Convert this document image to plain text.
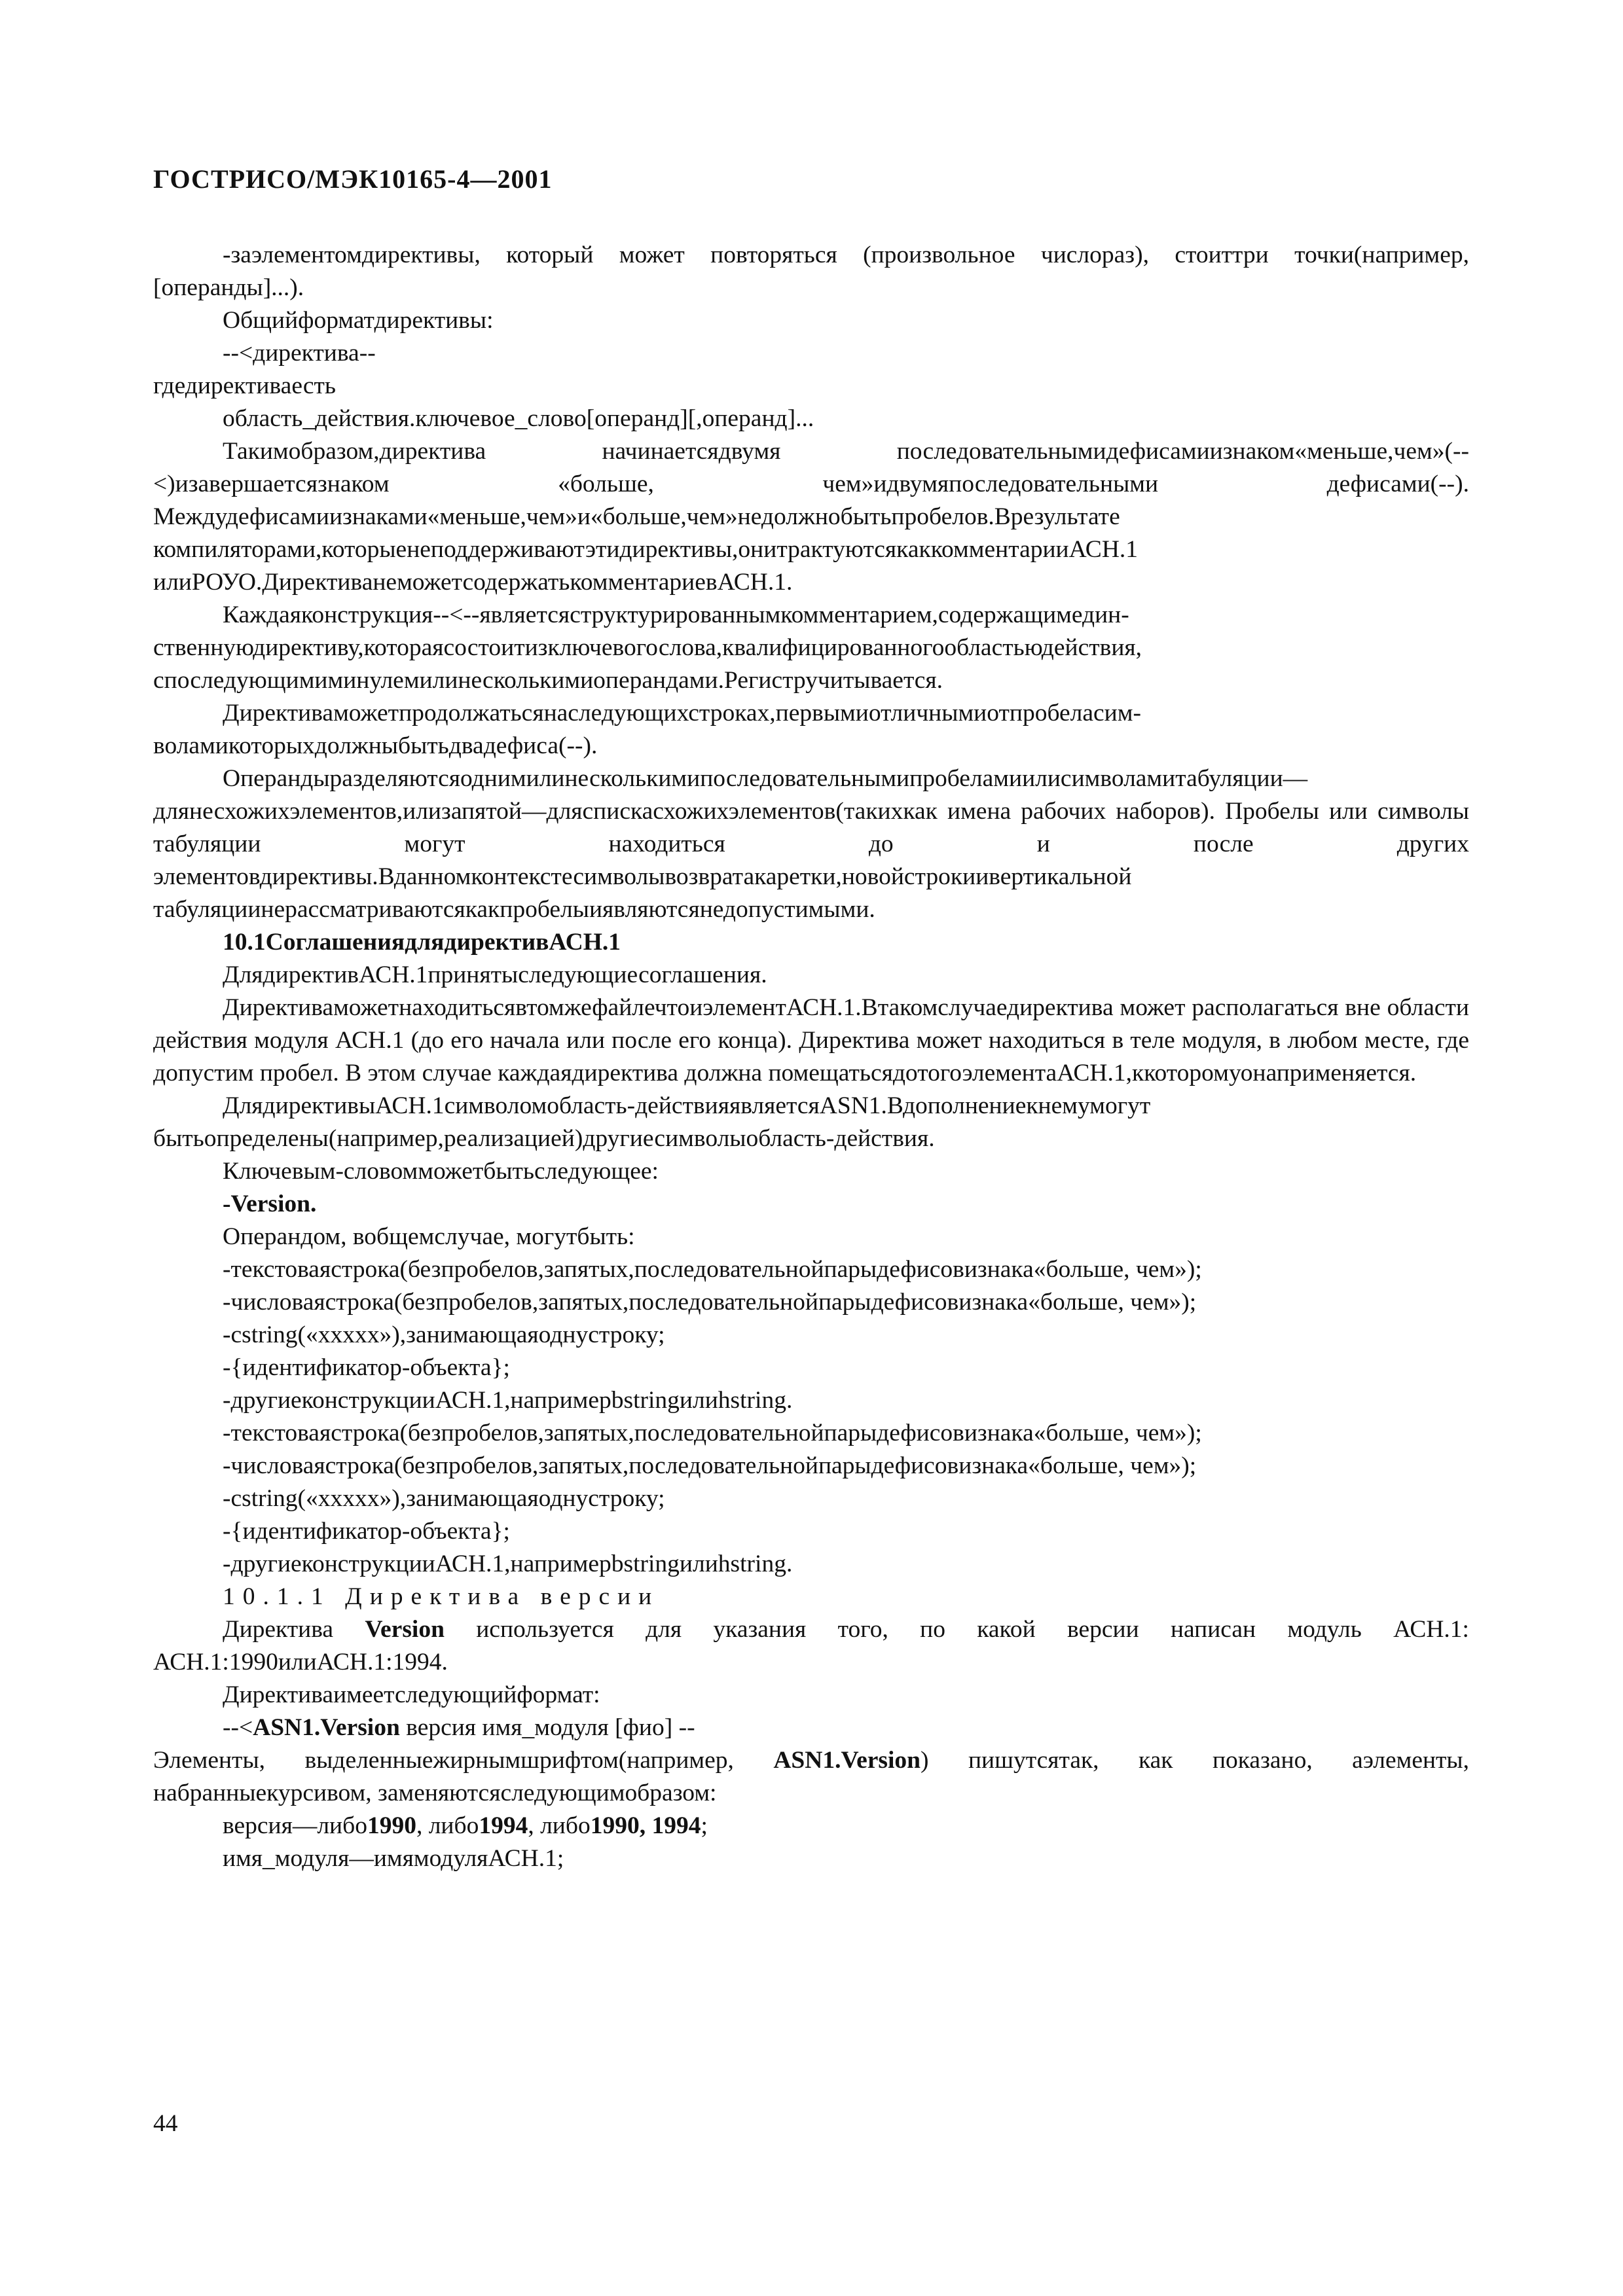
ГОСТРИСО/МЭК10165-4—2001

-заэлементомдирективы, который может повторяться (произвольное числораз), стоиттри точки(например,[операнды]...).

Общийформатдирективы:

--<директива--

гдедирективаесть

область_действия.ключевое_слово[операнд][,операнд]...

Такимобразом,директива начинаетсядвумя последовательнымидефисамиизнаком«меньше,чем»(--<)изавершаетсязнаком «больше, чем»идвумяпоследовательными дефисами(--). Междудефисамиизнаками«меньше,чем»и«больше,чем»недолжнобытьпробелов.Врезультате компиляторами,которыенеподдерживаютэтидирективы,онитрактуютсякаккомментарииАСН.1 илиРОУО.ДирективанеможетсодержатькомментариевАСН.1.

Каждаяконструкция--<--являетсяструктурированнымкомментарием,содержащимединственнуюдирективу,котораясостоитизключевогослова,квалифицированногообластьюдействия, споследующимиминулемилинесколькимиоперандами.Регистручитывается.

Директиваможетпродолжатьсянаследующихстроках,первымиотличнымиотпробеласимволамикоторыхдолжныбытьдвадефиса(--).

Операндыразделяютсяоднимилинесколькимипоследовательнымипробеламиилисимволамитабуляции—длянесхожихэлементов,илизапятой—дляспискасхожихэлементов(такихкак имена рабочих наборов). Пробелы или символы табуляции могут находиться до и после других элементовдирективы.Вданномконтекстесимволывозвратакаретки,новойстрокиивертикальной табуляциинерассматриваютсякакпробелыиявляютсянедопустимыми.

10.1СоглашениядлядирективАСН.1

ДлядирективАСН.1принятыследующиесоглашения.

ДирективаможетнаходитьсявтомжефайлечтоиэлементАСН.1.Втакомслучаедиректива может располагаться вне области действия модуля АСН.1 (до его начала или после его конца). Директива может находиться в теле модуля, в любом месте, где допустим пробел. В этом случае каждаядиректива должна помещатьсядотогоэлементаАСН.1,ккоторомуонаприменяется.

ДлядирективыАСН.1символомобласть-действияявляетсяASN1.Вдополнениекнемумогут бытьопределены(например,реализацией)другиесимволыобласть-действия.

Ключевым-словомможетбытьследующее:

-Version.

Операндом, вобщемслучае, могутбыть:

-текстоваястрока(безпробелов,запятых,последовательнойпарыдефисовизнака«больше, чем»);

-числоваястрока(безпробелов,запятых,последовательнойпарыдефисовизнака«больше, чем»);

-cstring(«xxxxx»),занимающаяоднустроку;

-{идентификатор-объекта};

-другиеконструкцииАСН.1,напримерbstringилиhstring.

-текстоваястрока(безпробелов,запятых,последовательнойпарыдефисовизнака«больше, чем»);

-числоваястрока(безпробелов,запятых,последовательнойпарыдефисовизнака«больше, чем»);

-cstring(«xxxxx»),занимающаяоднустроку;

-{идентификатор-объекта};

-другиеконструкцииАСН.1,напримерbstringилиhstring.

10.1.1 Директива версии

Директива Version используется для указания того, по какой версии написан модуль АСН.1: АСН.1:1990илиАСН.1:1994.

Директиваимеетследующийформат:

--<ASN1.Version версия имя_модуля [фио] --

Элементы, выделенныежирнымшрифтом(например, ASN1.Version) пишутсятак, как показано, аэлементы, набранныекурсивом, заменяютсяследующимобразом:

версия—либо1990, либо1994, либо1990, 1994;

имя_модуля—имямодуляАСН.1;

44
